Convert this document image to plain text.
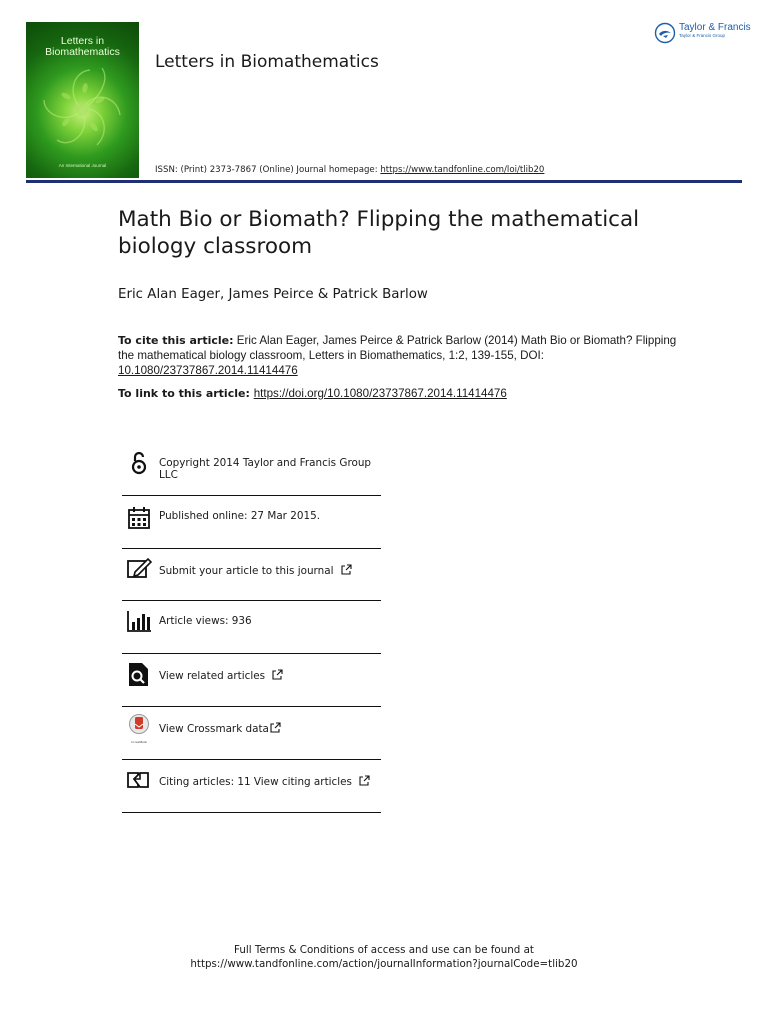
Letters in
Biomathematics
An International Journal
Letters in Biomathematics
ISSN: (Print) 2373-7867 (Online) Journal homepage: https://www.tandfonline.com/loi/tlib20
Taylor & Francis
Taylor & Francis Group
Math Bio or Biomath? Flipping the mathematical biology classroom
Eric Alan Eager, James Peirce & Patrick Barlow
To cite this article: Eric Alan Eager, James Peirce & Patrick Barlow (2014) Math Bio or Biomath? Flipping the mathematical biology classroom, Letters in Biomathematics, 1:2, 139-155, DOI: 10.1080/23737867.2014.11414476
To link to this article: https://doi.org/10.1080/23737867.2014.11414476
Copyright 2014 Taylor and Francis Group LLC
Published online: 27 Mar 2015.
Submit your article to this journal
Article views: 936
View related articles
CrossMark
View Crossmark data
Citing articles: 11 View citing articles
Full Terms & Conditions of access and use can be found at
https://www.tandfonline.com/action/journalInformation?journalCode=tlib20
